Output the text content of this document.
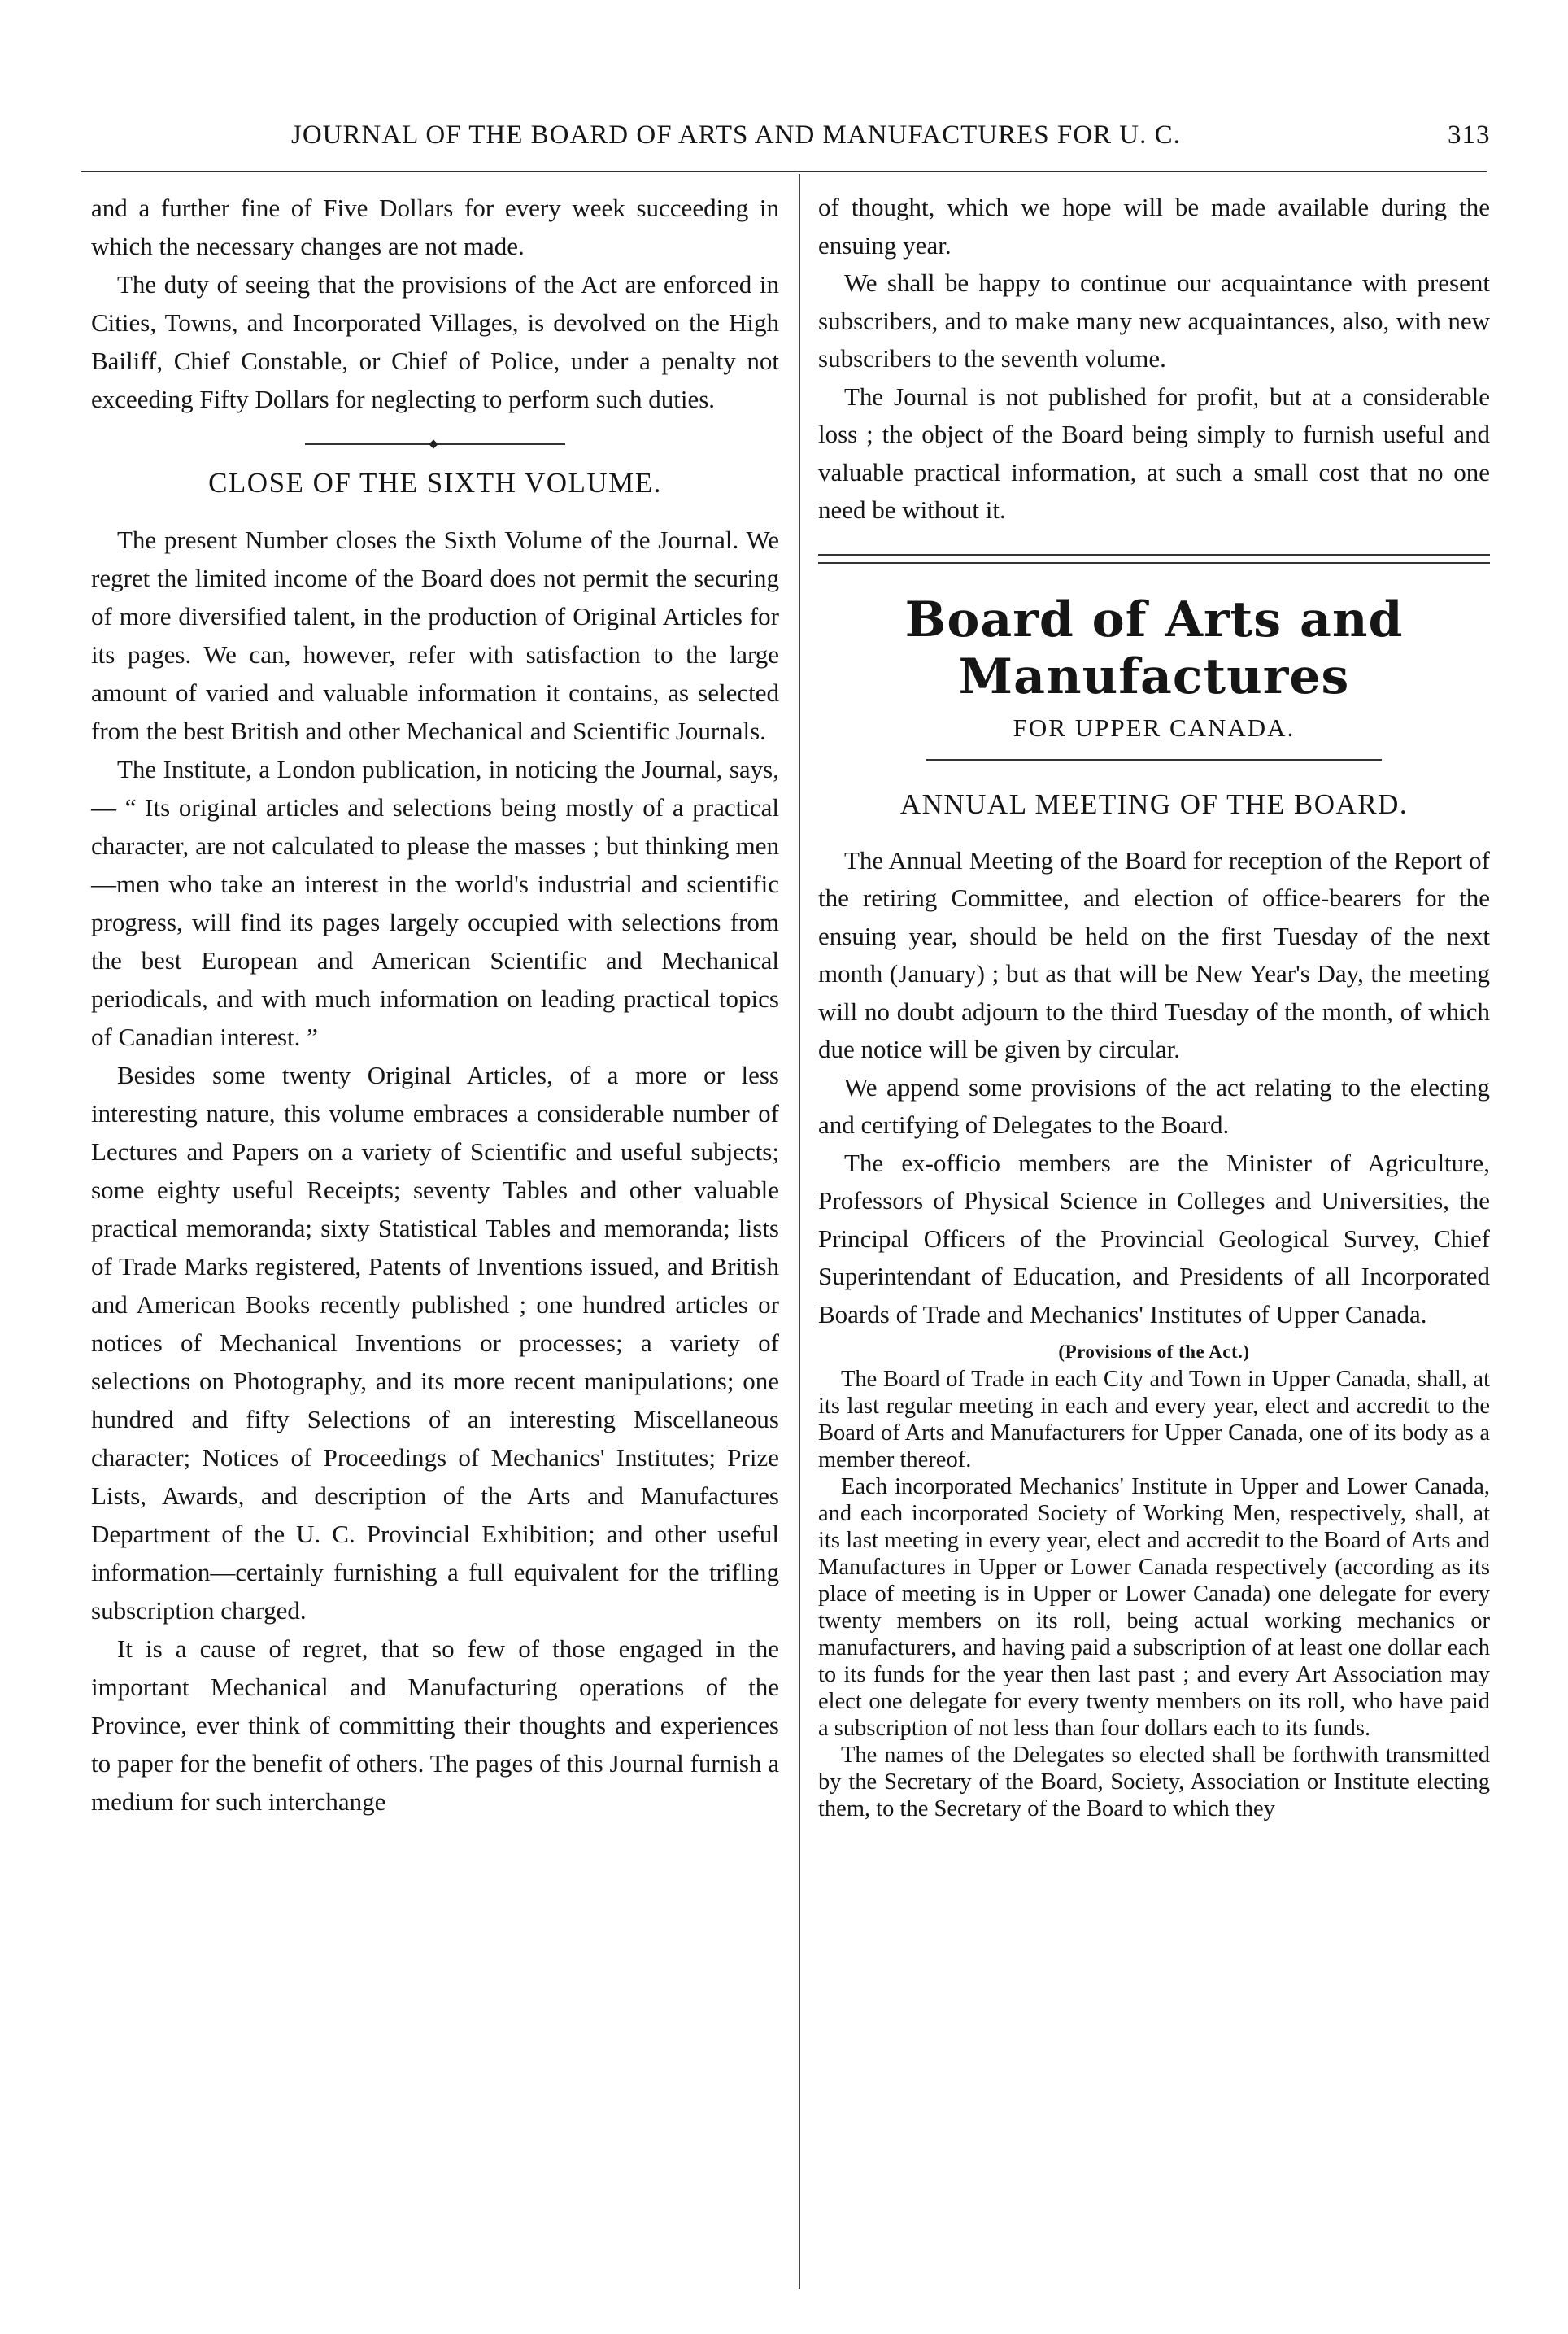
JOURNAL OF THE BOARD OF ARTS AND MANUFACTURES FOR U. C.	313

and a further fine of Five Dollars for every week succeeding in which the necessary changes are not made.

The duty of seeing that the provisions of the Act are enforced in Cities, Towns, and Incorporated Villages, is devolved on the High Bailiff, Chief Constable, or Chief of Police, under a penalty not exceeding Fifty Dollars for neglecting to perform such duties.

CLOSE OF THE SIXTH VOLUME.

The present Number closes the Sixth Volume of the Journal. We regret the limited income of the Board does not permit the securing of more diversified talent, in the production of Original Articles for its pages. We can, however, refer with satisfaction to the large amount of varied and valuable information it contains, as selected from the best British and other Mechanical and Scientific Journals.

The Institute, a London publication, in noticing the Journal, says,— “ Its original articles and selections being mostly of a practical character, are not calculated to please the masses ; but thinking men—men who take an interest in the world's industrial and scientific progress, will find its pages largely occupied with selections from the best European and American Scientific and Mechanical periodicals, and with much information on leading practical topics of Canadian interest. ”

Besides some twenty Original Articles, of a more or less interesting nature, this volume embraces a considerable number of Lectures and Papers on a variety of Scientific and useful subjects; some eighty useful Receipts; seventy Tables and other valuable practical memoranda; sixty Statistical Tables and memoranda; lists of Trade Marks registered, Patents of Inventions issued, and British and American Books recently published ; one hundred articles or notices of Mechanical Inventions or processes; a variety of selections on Photography, and its more recent manipulations; one hundred and fifty Selections of an interesting Miscellaneous character; Notices of Proceedings of Mechanics' Institutes; Prize Lists, Awards, and description of the Arts and Manufactures Department of the U. C. Provincial Exhibition; and other useful information—certainly furnishing a full equivalent for the trifling subscription charged.

It is a cause of regret, that so few of those engaged in the important Mechanical and Manufacturing operations of the Province, ever think of committing their thoughts and experiences to paper for the benefit of others. The pages of this Journal furnish a medium for such interchange

of thought, which we hope will be made available during the ensuing year.

We shall be happy to continue our acquaintance with present subscribers, and to make many new acquaintances, also, with new subscribers to the seventh volume.

The Journal is not published for profit, but at a considerable loss ; the object of the Board being simply to furnish useful and valuable practical information, at such a small cost that no one need be without it.

Board of Arts and Manufactures
FOR UPPER CANADA.
ANNUAL MEETING OF THE BOARD.

The Annual Meeting of the Board for reception of the Report of the retiring Committee, and election of office-bearers for the ensuing year, should be held on the first Tuesday of the next month (January) ; but as that will be New Year's Day, the meeting will no doubt adjourn to the third Tuesday of the month, of which due notice will be given by circular.

We append some provisions of the act relating to the electing and certifying of Delegates to the Board.

The ex-officio members are the Minister of Agriculture, Professors of Physical Science in Colleges and Universities, the Principal Officers of the Provincial Geological Survey, Chief Superintendant of Education, and Presidents of all Incorporated Boards of Trade and Mechanics' Institutes of Upper Canada.

(Provisions of the Act.)

The Board of Trade in each City and Town in Upper Canada, shall, at its last regular meeting in each and every year, elect and accredit to the Board of Arts and Manufacturers for Upper Canada, one of its body as a member thereof.

Each incorporated Mechanics' Institute in Upper and Lower Canada, and each incorporated Society of Working Men, respectively, shall, at its last meeting in every year, elect and accredit to the Board of Arts and Manufactures in Upper or Lower Canada respectively (according as its place of meeting is in Upper or Lower Canada) one delegate for every twenty members on its roll, being actual working mechanics or manufacturers, and having paid a subscription of at least one dollar each to its funds for the year then last past ; and every Art Association may elect one delegate for every twenty members on its roll, who have paid a subscription of not less than four dollars each to its funds.

The names of the Delegates so elected shall be forthwith transmitted by the Secretary of the Board, Society, Association or Institute electing them, to the Secretary of the Board to which they
